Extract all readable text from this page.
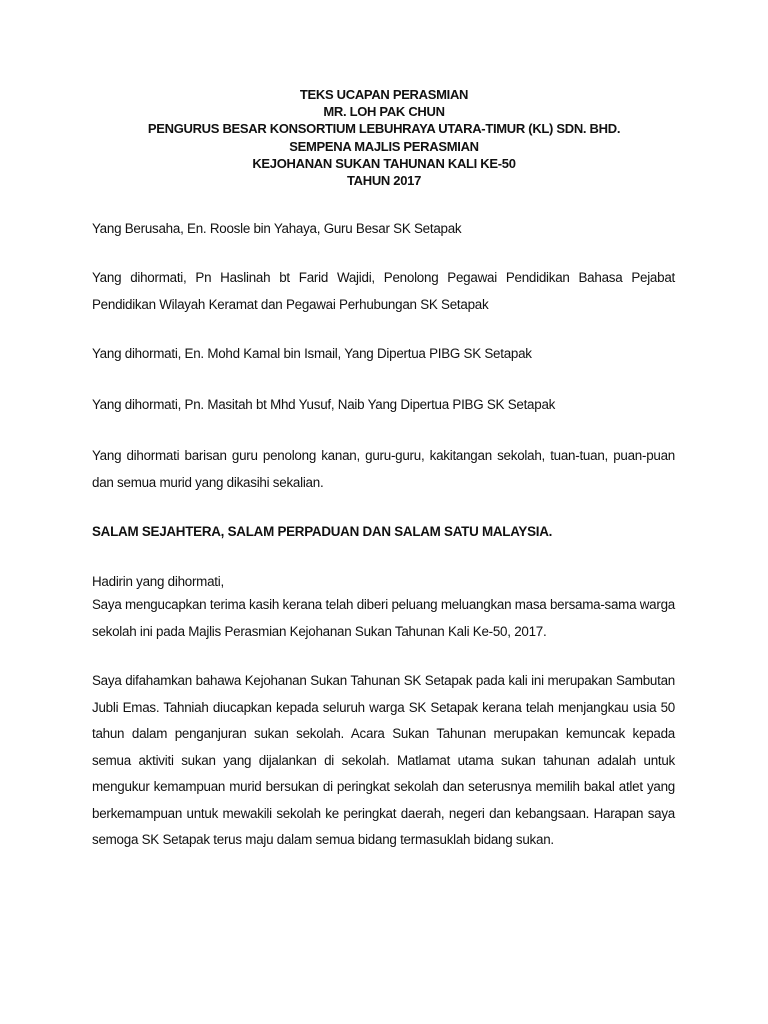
TEKS UCAPAN PERASMIAN
MR. LOH PAK CHUN
PENGURUS BESAR KONSORTIUM LEBUHRAYA UTARA-TIMUR (KL) SDN. BHD.
SEMPENA MAJLIS PERASMIAN
KEJOHANAN SUKAN TAHUNAN KALI KE-50
TAHUN 2017

Yang Berusaha, En. Roosle bin Yahaya, Guru Besar SK Setapak

Yang dihormati, Pn Haslinah bt Farid Wajidi, Penolong Pegawai Pendidikan Bahasa Pejabat Pendidikan Wilayah Keramat dan Pegawai Perhubungan SK Setapak

Yang dihormati, En. Mohd Kamal bin Ismail, Yang Dipertua PIBG SK Setapak

Yang dihormati, Pn. Masitah bt Mhd Yusuf, Naib Yang Dipertua PIBG SK Setapak

Yang dihormati barisan guru penolong kanan, guru-guru, kakitangan sekolah, tuan-tuan, puan-puan dan semua murid yang dikasihi sekalian.

SALAM SEJAHTERA, SALAM PERPADUAN DAN SALAM SATU MALAYSIA.

Hadirin yang dihormati,

Saya mengucapkan terima kasih kerana telah diberi peluang meluangkan masa bersama-sama warga sekolah ini pada Majlis Perasmian Kejohanan Sukan Tahunan Kali Ke-50, 2017.

Saya difahamkan bahawa Kejohanan Sukan Tahunan SK Setapak pada kali ini merupakan Sambutan Jubli Emas. Tahniah diucapkan kepada seluruh warga SK Setapak kerana telah menjangkau usia 50 tahun dalam penganjuran sukan sekolah. Acara Sukan Tahunan merupakan kemuncak kepada semua aktiviti sukan yang dijalankan di sekolah. Matlamat utama sukan tahunan adalah untuk mengukur kemampuan murid bersukan di peringkat sekolah dan seterusnya memilih bakal atlet yang berkemampuan untuk mewakili sekolah ke peringkat daerah, negeri dan kebangsaan. Harapan saya semoga SK Setapak terus maju dalam semua bidang termasuklah bidang sukan.
